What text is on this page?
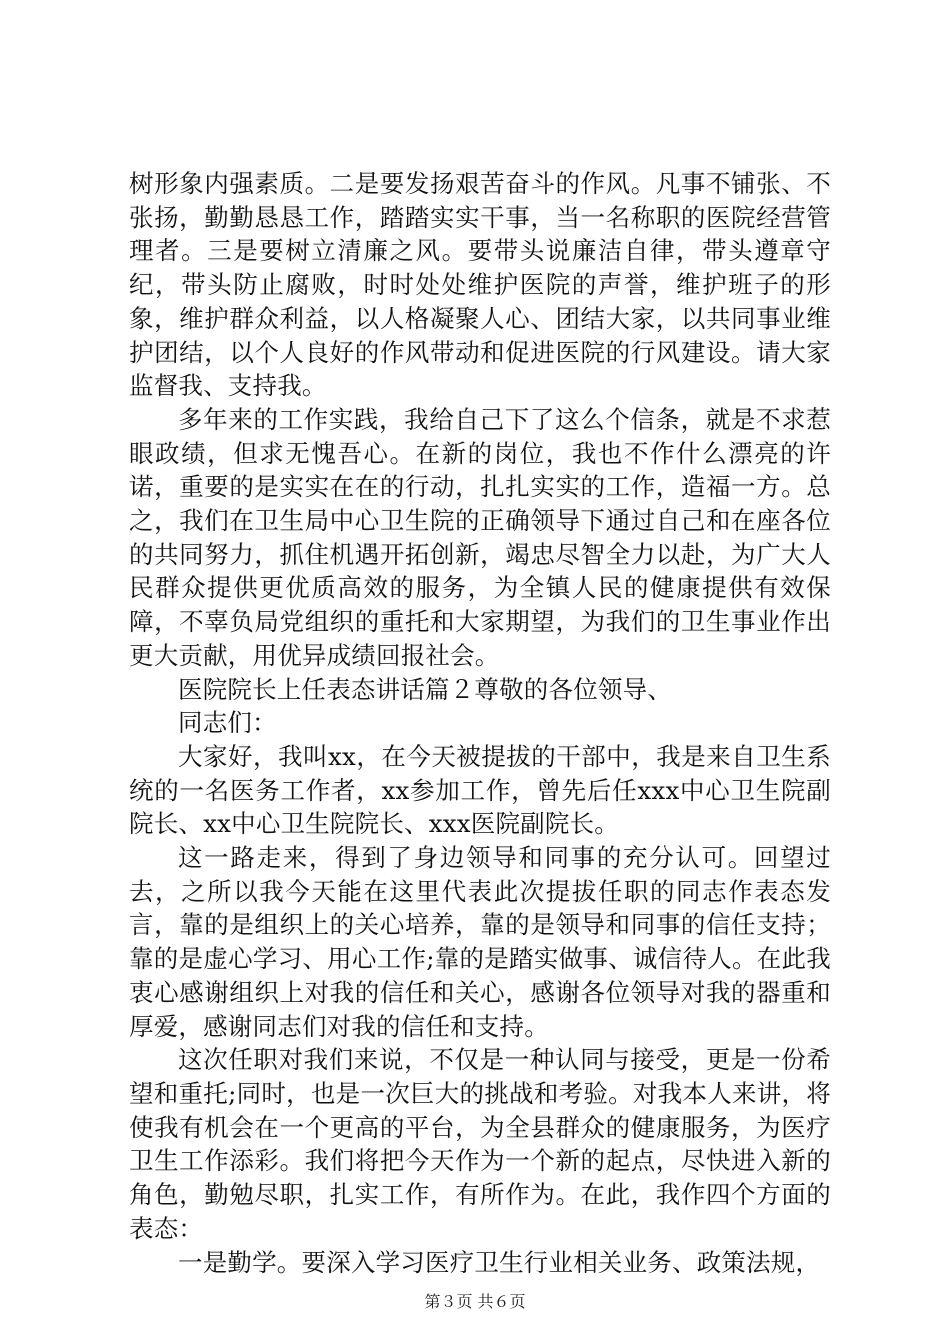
树形象内强素质。二是要发扬艰苦奋斗的作风。凡事不铺张、不张扬，勤勤恳恳工作，踏踏实实干事，当一名称职的医院经营管理者。三是要树立清廉之风。要带头说廉洁自律，带头遵章守纪，带头防止腐败，时时处处维护医院的声誉，维护班子的形象，维护群众利益，以人格凝聚人心、团结大家，以共同事业维护团结，以个人良好的作风带动和促进医院的行风建设。请大家监督我、支持我。

多年来的工作实践，我给自己下了这么个信条，就是不求惹眼政绩，但求无愧吾心。在新的岗位，我也不作什么漂亮的许诺，重要的是实实在在的行动，扎扎实实的工作，造福一方。总之，我们在卫生局中心卫生院的正确领导下通过自己和在座各位的共同努力，抓住机遇开拓创新，竭忠尽智全力以赴，为广大人民群众提供更优质高效的服务，为全镇人民的健康提供有效保障，不辜负局党组织的重托和大家期望，为我们的卫生事业作出更大贡献，用优异成绩回报社会。

医院院长上任表态讲话篇２尊敬的各位领导、

同志们：

大家好，我叫xx，在今天被提拔的干部中，我是来自卫生系统的一名医务工作者，xx参加工作，曾先后任xxx中心卫生院副院长、xx中心卫生院院长、xxx医院副院长。

这一路走来，得到了身边领导和同事的充分认可。回望过去，之所以我今天能在这里代表此次提拔任职的同志作表态发言，靠的是组织上的关心培养，靠的是领导和同事的信任支持；靠的是虚心学习、用心工作;靠的是踏实做事、诚信待人。在此我衷心感谢组织上对我的信任和关心，感谢各位领导对我的器重和厚爱，感谢同志们对我的信任和支持。

这次任职对我们来说，不仅是一种认同与接受，更是一份希望和重托;同时，也是一次巨大的挑战和考验。对我本人来讲，将使我有机会在一个更高的平台，为全县群众的健康服务，为医疗卫生工作添彩。我们将把今天作为一个新的起点，尽快进入新的角色，勤勉尽职，扎实工作，有所作为。在此，我作四个方面的表态：

一是勤学。要深入学习医疗卫生行业相关业务、政策法规，

第３页 共６页
